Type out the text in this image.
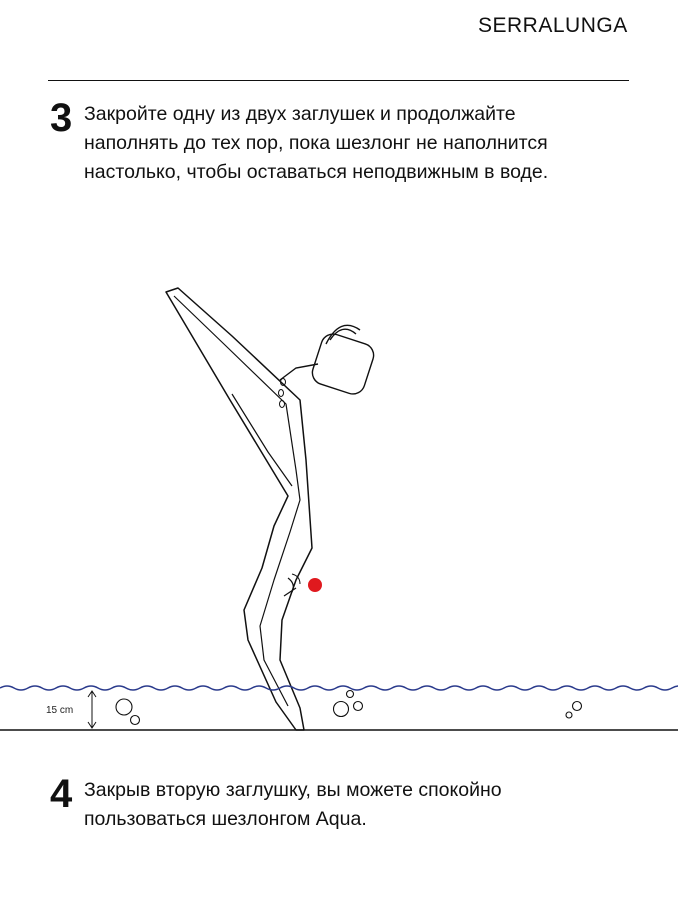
SERRALUNGA
3 Закройте одну из двух заглушек и продолжайте
наполнять до тех пор, пока шезлонг не наполнится
настолько, чтобы оставаться неподвижным в воде.
15 cm
4 Закрыв вторую заглушку, вы можете спокойно
пользоваться шезлонгом Aqua.
